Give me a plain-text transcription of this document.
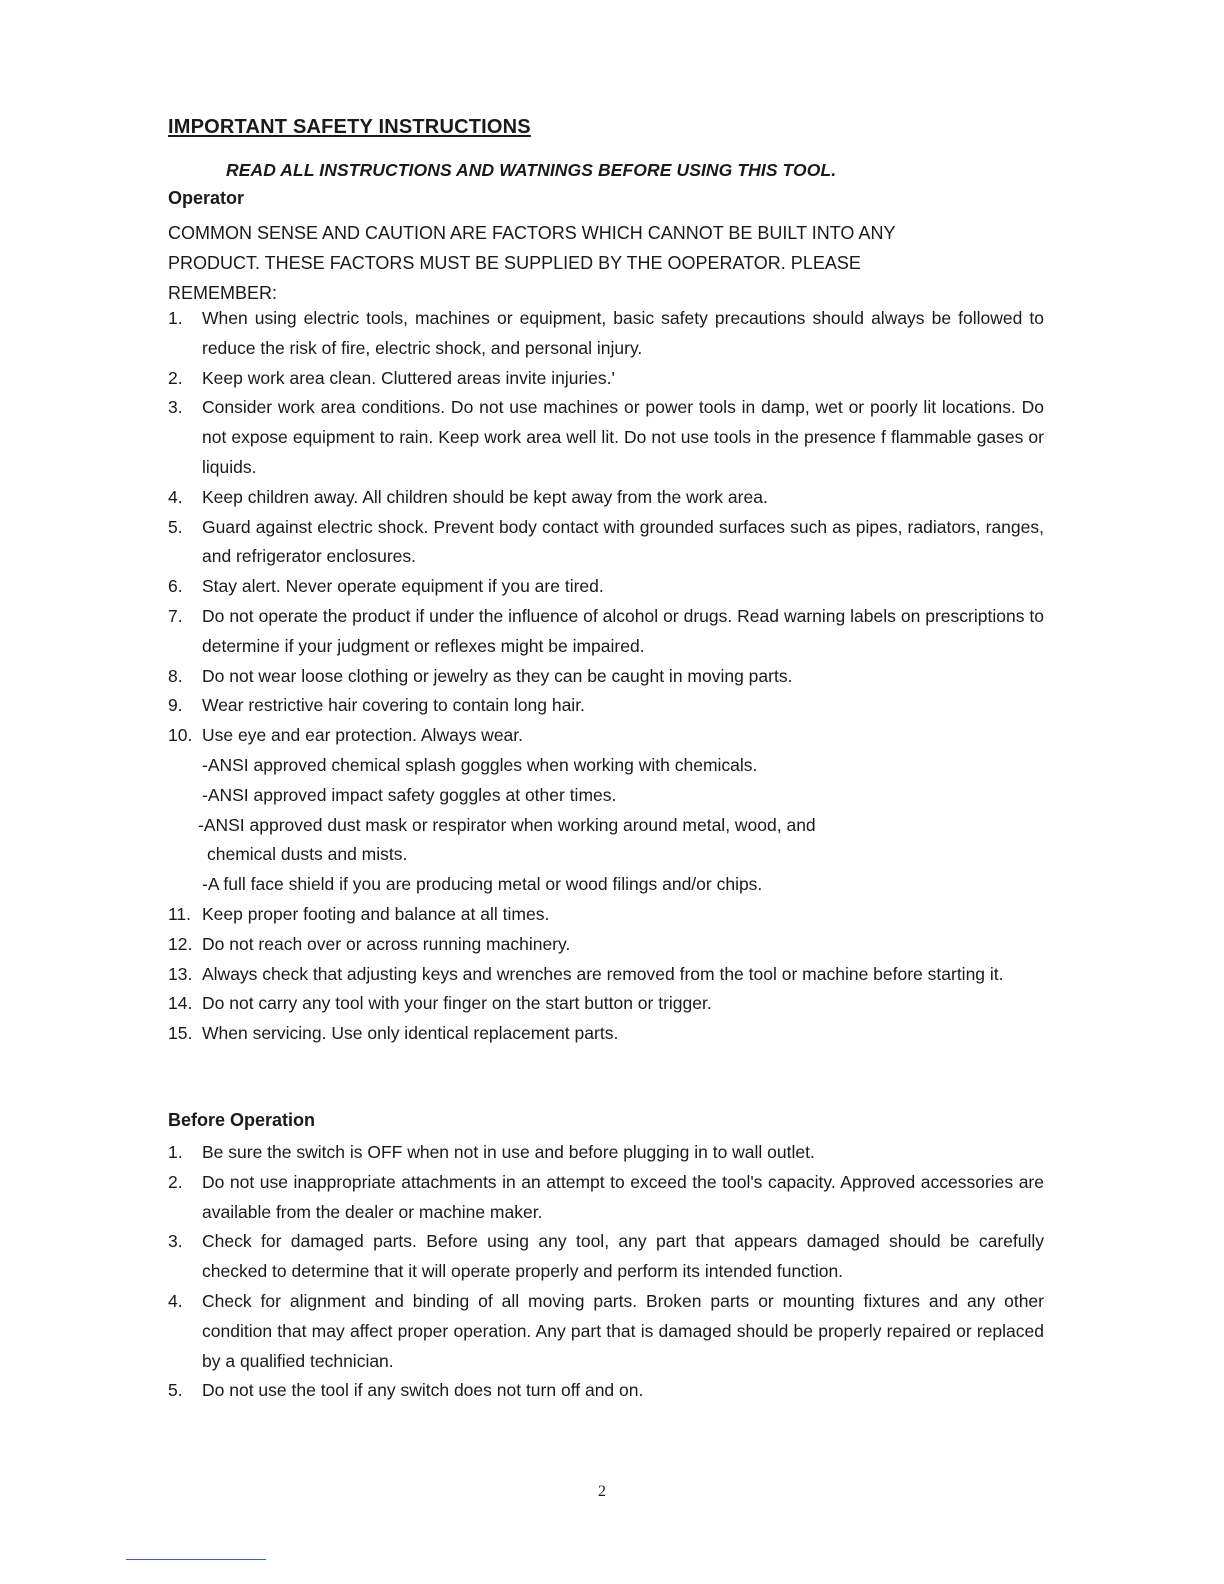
IMPORTANT SAFETY INSTRUCTIONS
READ ALL INSTRUCTIONS AND WATNINGS BEFORE USING THIS TOOL.
Operator
COMMON SENSE AND CAUTION ARE FACTORS WHICH CANNOT BE BUILT INTO ANY
PRODUCT. THESE FACTORS MUST BE SUPPLIED BY THE OOPERATOR. PLEASE
REMEMBER:
1.	When using electric tools, machines or equipment, basic safety precautions should always be followed to reduce the risk of fire, electric shock, and personal injury.
2.	Keep work area clean. Cluttered areas invite injuries.'
3.	Consider work area conditions. Do not use machines or power tools in damp, wet or poorly lit locations. Do not expose equipment to rain. Keep work area well lit. Do not use tools in the presence f flammable gases or liquids.
4.	Keep children away. All children should be kept away from the work area.
5.	Guard against electric shock. Prevent body contact with grounded surfaces such as pipes, radiators, ranges, and refrigerator enclosures.
6.	Stay alert. Never operate equipment if you are tired.
7.	Do not operate the product if under the influence of alcohol or drugs. Read warning labels on prescriptions to determine if your judgment or reflexes might be impaired.
8.	Do not wear loose clothing or jewelry as they can be caught in moving parts.
9.	Wear restrictive hair covering to contain long hair.
10. Use eye and ear protection. Always wear.
-ANSI approved chemical splash goggles when working with chemicals.
-ANSI approved impact safety goggles at other times.
-ANSI approved dust mask or respirator when working around metal, wood, and
chemical dusts and mists.
-A full face shield if you are producing metal or wood filings and/or chips.
11. Keep proper footing and balance at all times.
12. Do not reach over or across running machinery.
13. Always check that adjusting keys and wrenches are removed from the tool or machine before starting it.
14. Do not carry any tool with your finger on the start button or trigger.
15. When servicing. Use only identical replacement parts.
Before Operation
1.	Be sure the switch is OFF when not in use and before plugging in to wall outlet.
2.	Do not use inappropriate attachments in an attempt to exceed the tool's capacity. Approved accessories are available from the dealer or machine maker.
3.	Check for damaged parts. Before using any tool, any part that appears damaged should be carefully checked to determine that it will operate properly and perform its intended function.
4.	Check for alignment and binding of all moving parts. Broken parts or mounting fixtures and any other condition that may affect proper operation. Any part that is damaged should be properly repaired or replaced by a qualified technician.
5.	Do not use the tool if any switch does not turn off and on.
2
